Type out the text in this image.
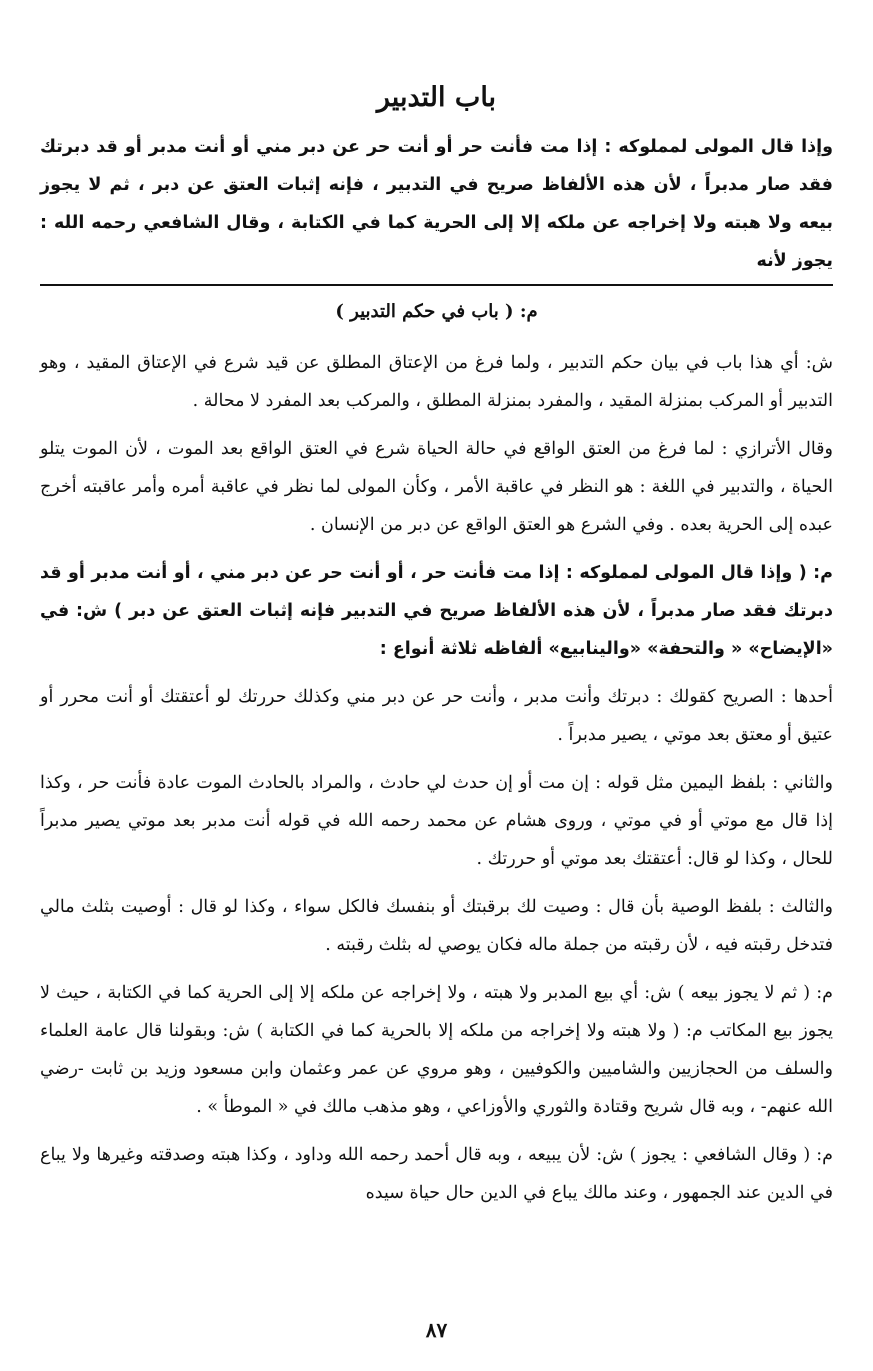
باب التدبير

وإذا قال المولى لمملوكه : إذا مت فأنت حر أو أنت حر عن دبر مني أو أنت مدبر أو قد دبرتك فقد صار مدبراً ، لأن هذه الألفاظ صريح في التدبير ، فإنه إثبات العتق عن دبر ، ثم لا يجوز بيعه ولا هبته ولا إخراجه عن ملكه إلا إلى الحرية كما في الكتابة ، وقال الشافعي رحمه الله : يجوز لأنه

م: ( باب في حكم التدبير )

ش: أي هذا باب في بيان حكم التدبير ، ولما فرغ من الإعتاق المطلق عن قيد شرع في الإعتاق المقيد ، وهو التدبير أو المركب بمنزلة المقيد ، والمفرد بمنزلة المطلق ، والمركب بعد المفرد لا محالة .

وقال الأترازي : لما فرغ من العتق الواقع في حالة الحياة شرع في العتق الواقع بعد الموت ، لأن الموت يتلو الحياة ، والتدبير في اللغة : هو النظر في عاقبة الأمر ، وكأن المولى لما نظر في عاقبة أمره وأمر عاقبته أخرج عبده إلى الحرية بعده . وفي الشرع هو العتق الواقع عن دبر من الإنسان .

م: ( وإذا قال المولى لمملوكه : إذا مت فأنت حر ، أو أنت حر عن دبر مني ، أو أنت مدبر أو قد دبرتك فقد صار مدبراً ، لأن هذه الألفاظ صريح في التدبير فإنه إثبات العتق عن دبر ) ش: في «الإيضاح» « والتحفة» «والينابيع» ألفاظه ثلاثة أنواع :

أحدها : الصريح كقولك : دبرتك وأنت مدبر ، وأنت حر عن دبر مني وكذلك حررتك لو أعتقتك أو أنت محرر أو عتيق أو معتق بعد موتي ، يصير مدبراً .

والثاني : بلفظ اليمين مثل قوله : إن مت أو إن حدث لي حادث ، والمراد بالحادث الموت عادة فأنت حر ، وكذا إذا قال مع موتي أو في موتي ، وروى هشام عن محمد رحمه الله في قوله أنت مدبر بعد موتي يصير مدبراً للحال ، وكذا لو قال: أعتقتك بعد موتي أو حررتك .

والثالث : بلفظ الوصية بأن قال : وصيت لك برقبتك أو بنفسك فالكل سواء ، وكذا لو قال : أوصيت بثلث مالي فتدخل رقبته فيه ، لأن رقبته من جملة ماله فكان يوصي له بثلث رقبته .

م: ( ثم لا يجوز بيعه ) ش: أي بيع المدبر ولا هبته ، ولا إخراجه عن ملكه إلا إلى الحرية كما في الكتابة ، حيث لا يجوز بيع المكاتب م: ( ولا هبته ولا إخراجه من ملكه إلا بالحرية كما في الكتابة ) ش: وبقولنا قال عامة العلماء والسلف من الحجازيين والشاميين والكوفيين ، وهو مروي عن عمر وعثمان وابن مسعود وزيد بن ثابت -رضي الله عنهم- ، وبه قال شريح وقتادة والثوري والأوزاعي ، وهو مذهب مالك في « الموطأ » .

م: ( وقال الشافعي : يجوز ) ش: لأن يبيعه ، وبه قال أحمد رحمه الله وداود ، وكذا هبته وصدقته وغيرها ولا يباع في الدين عند الجمهور ، وعند مالك يباع في الدين حال حياة سيده

٨٧
